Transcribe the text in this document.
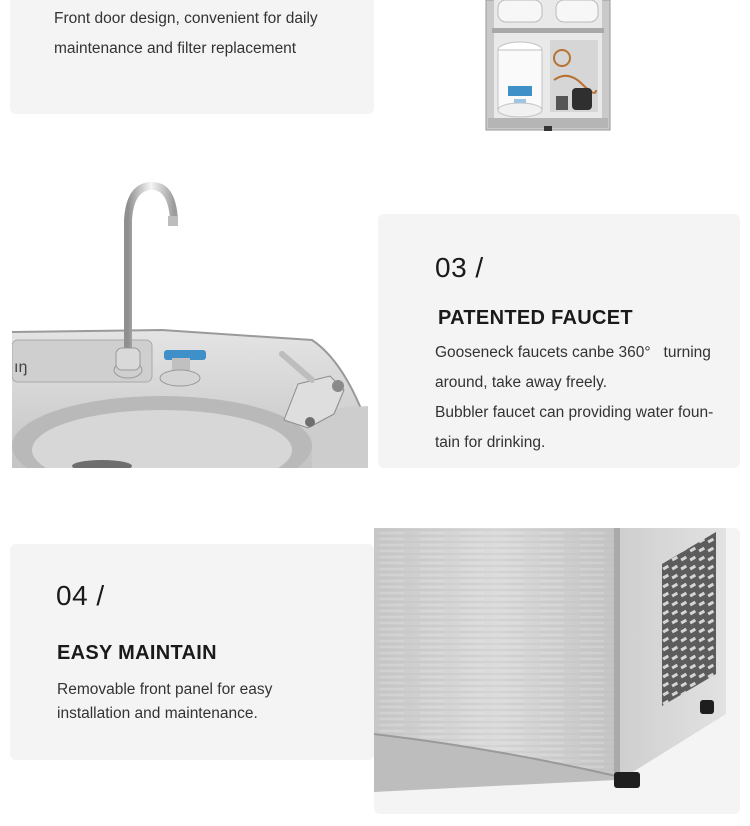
Front door design, convenient for daily
maintenance and filter replacement
ıŋ
03 /
PATENTED FAUCET
Gooseneck faucets canbe 360°   turning
around, take away freely.
Bubbler faucet can providing water foun-
tain for drinking.
04 /
EASY MAINTAIN
Removable front panel for easy
installation and maintenance.
